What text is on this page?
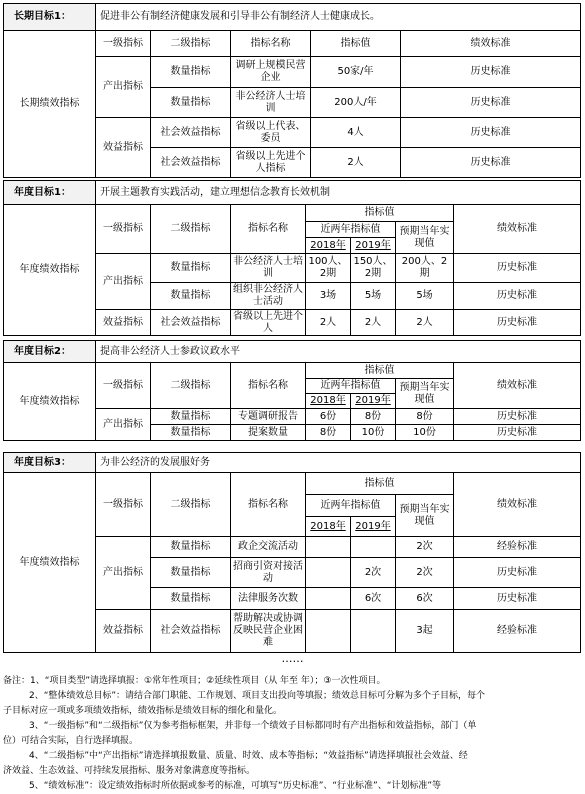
长期目标1：	促进非公有制经济健康发展和引导非公有制经济人士健康成长。				
长期绩效指标	一级指标	二级指标	指标名称	指标值	绩效标准
	产出指标	数量指标	调研上规模民营企业	50家/年	历史标准
		数量指标	非公经济人士培训	200人/年	历史标准
	效益指标	社会效益指标	省级以上代表、委员	4人	历史标准
		社会效益指标	省级以上先进个人指标	2人	历史标准
年度目标1：	开展主题教育实践活动，建立理想信念教育长效机制						
年度绩效指标	一级指标	二级指标	指标名称	指标值			绩效标准
				近两年指标值		预期当年实现值	
				2018年	2019年		
	产出指标	数量指标	非公经济人士培训	100人、2期	150人、2期	200人、2期	历史标准
		数量指标	组织非公经济人士活动	3场	5场	5场	历史标准
	效益指标	社会效益指标	省级以上先进个人	2人	2人	2人	历史标准
年度目标2：	提高非公经济人士参政议政水平						
年度绩效指标	一级指标	二级指标	指标名称	指标值			绩效标准
				近两年指标值		预期当年实现值	
				2018年	2019年		
	产出指标	数量指标	专题调研报告	6份	8份	8份	历史标准
		数量指标	提案数量	8份	10份	10份	历史标准
年度目标3：	为非公经济的发展服好务						
年度绩效指标	一级指标	二级指标	指标名称	指标值			绩效标准
				近两年指标值		预期当年实现值	
				2018年	2019年		
	产出指标	数量指标	政企交流活动			2次	经验标准
		数量指标	招商引资对接活动		2次	2次	历史标准
		数量指标	法律服务次数		6次	6次	历史标准
	效益指标	社会效益指标	帮助解决或协调反映民营企业困难			3起	经验标准
……
备注：1、“项目类型”请选择填报：①常年性项目；②延续性项目（从 年至 年）；③一次性项目。
2、“整体绩效总目标”：请结合部门职能、工作规划、项目支出投向等填报；绩效总目标可分解为多个子目标，每个
子目标对应一项或多项绩效指标，绩效指标是绩效目标的细化和量化。
3、“一级指标”和“二级指标”仅为参考指标框架，并非每一个绩效子目标都同时有产出指标和效益指标，部门（单
位）可结合实际，自行选择填报。
4、“二级指标”中“产出指标”请选择填报数量、质量、时效、成本等指标；“效益指标”请选择填报社会效益、经
济效益、生态效益、可持续发展指标、服务对象满意度等指标。
5、“绩效标准”：设定绩效指标时所依据或参考的标准，可填写“历史标准”、“行业标准”、“计划标准”等
